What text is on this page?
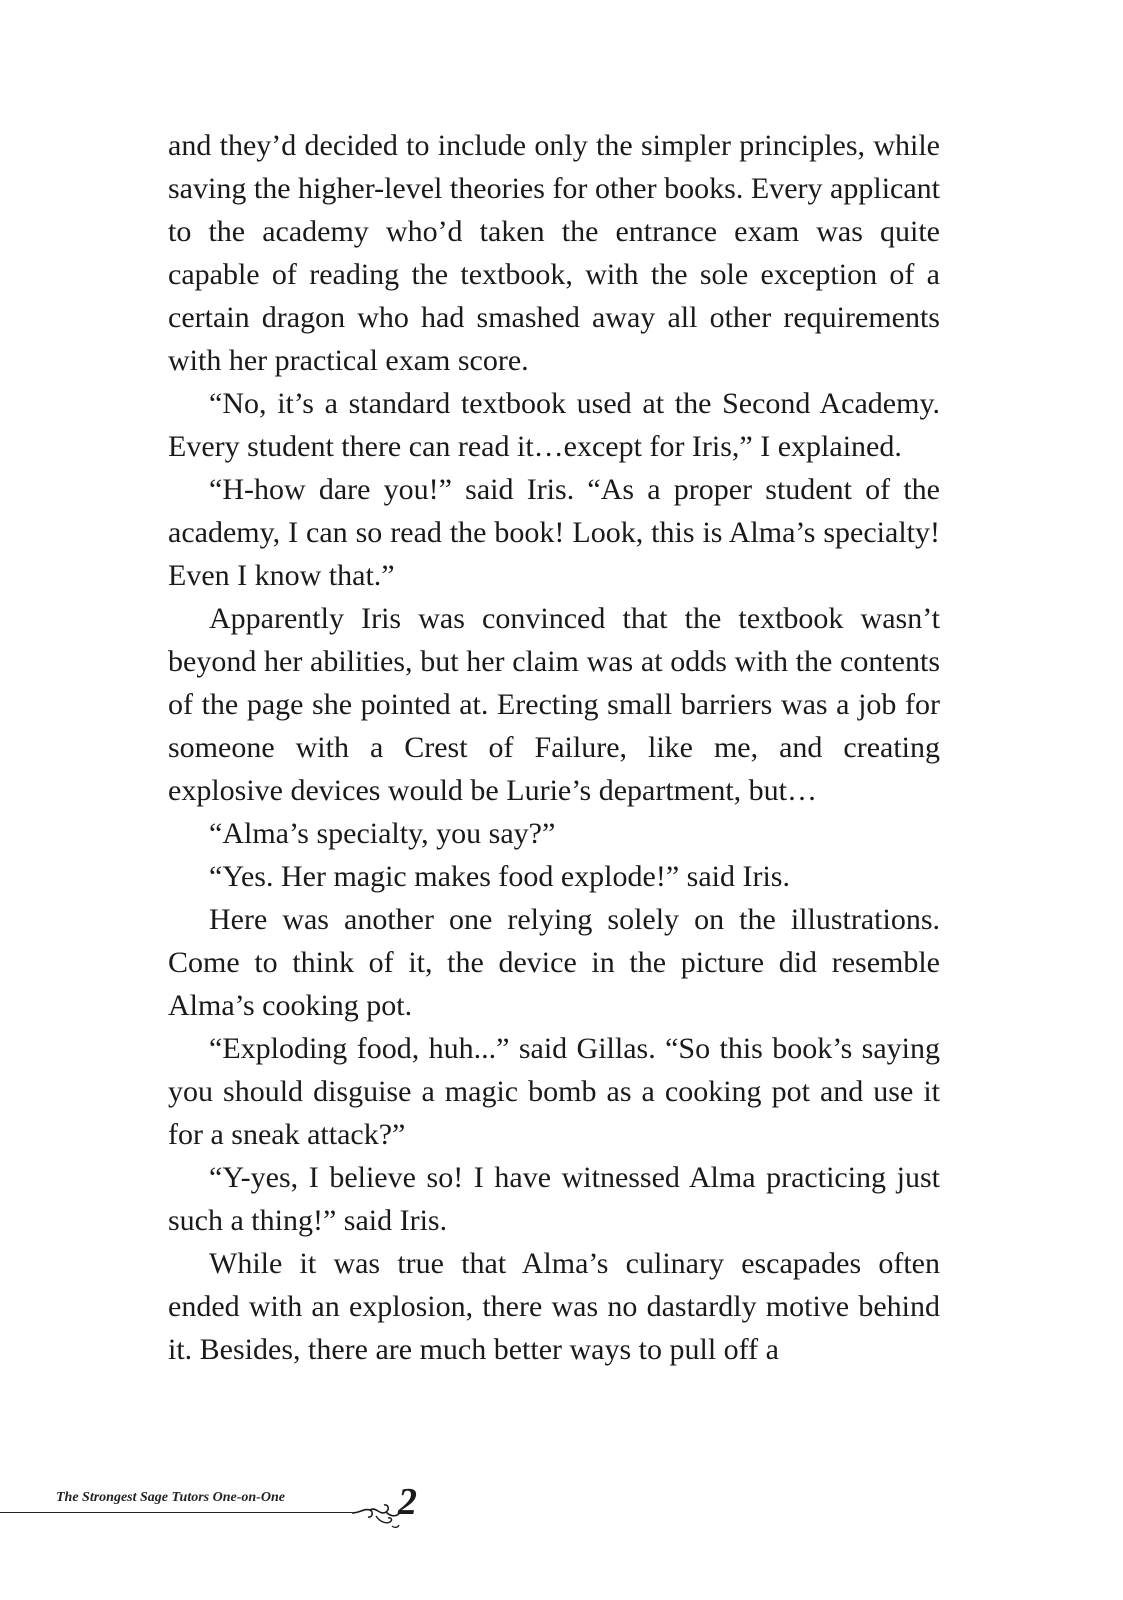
and they’d decided to include only the simpler principles, while saving the higher-level theories for other books. Every applicant to the academy who’d taken the entrance exam was quite capable of reading the textbook, with the sole exception of a certain dragon who had smashed away all other requirements with her practical exam score.

“No, it’s a standard textbook used at the Second Academy. Every student there can read it…except for Iris,” I explained.

“H-how dare you!” said Iris. “As a proper student of the academy, I can so read the book! Look, this is Alma’s specialty! Even I know that.”

Apparently Iris was convinced that the textbook wasn’t beyond her abilities, but her claim was at odds with the contents of the page she pointed at. Erecting small barriers was a job for someone with a Crest of Failure, like me, and creating explosive devices would be Lurie’s department, but…

“Alma’s specialty, you say?”

“Yes. Her magic makes food explode!” said Iris.

Here was another one relying solely on the illustrations. Come to think of it, the device in the picture did resemble Alma’s cooking pot.

“Exploding food, huh...” said Gillas. “So this book’s saying you should disguise a magic bomb as a cooking pot and use it for a sneak attack?”

“Y-yes, I believe so! I have witnessed Alma practicing just such a thing!” said Iris.

While it was true that Alma’s culinary escapades often ended with an explosion, there was no dastardly motive behind it. Besides, there are much better ways to pull off a

The Strongest Sage Tutors One-on-One	2
